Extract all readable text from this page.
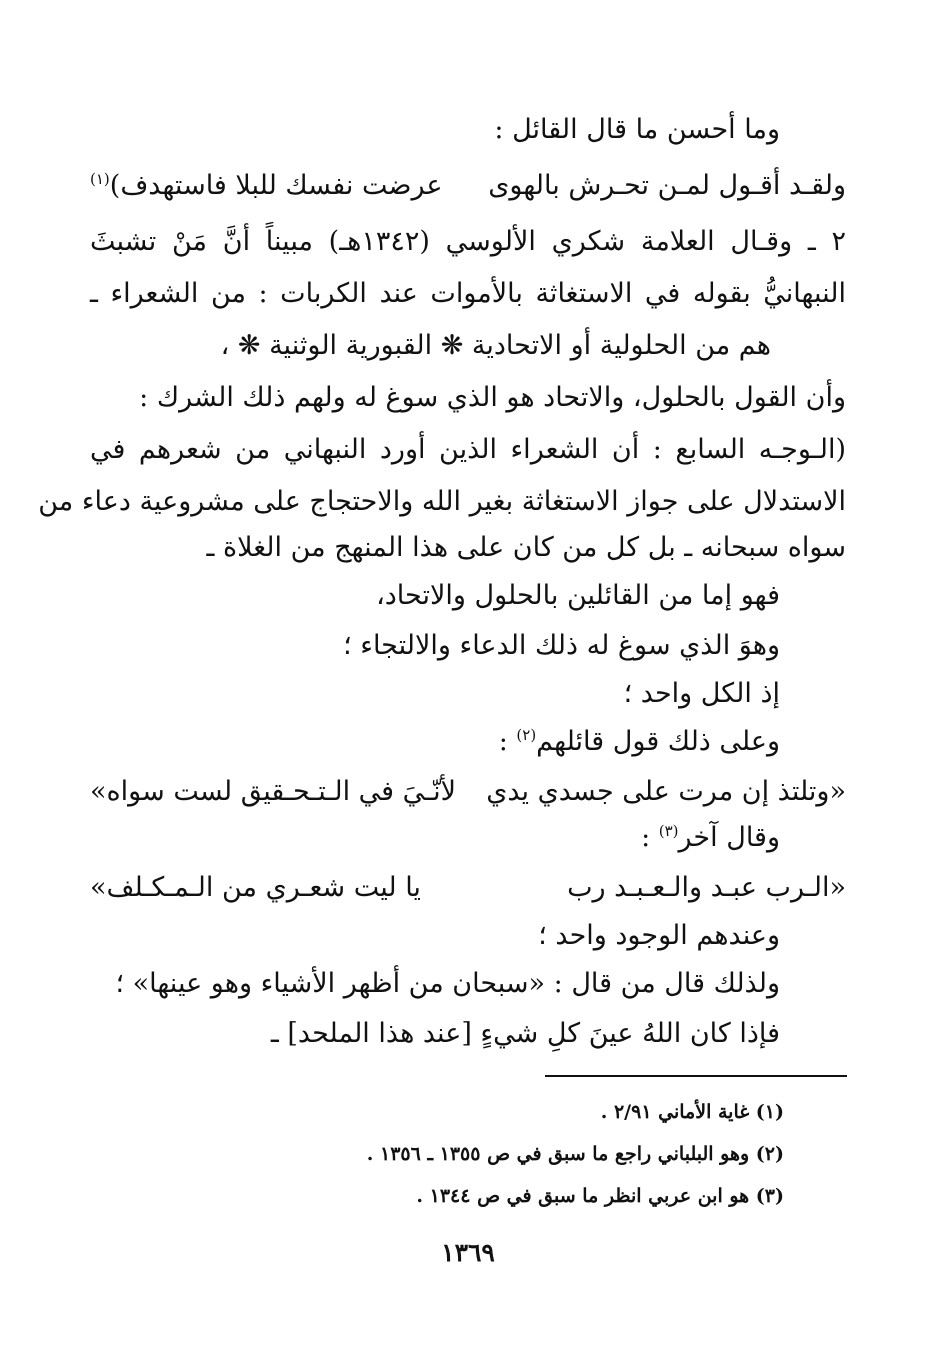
وما أحسن ما قال القائل :

ولقـد أقـول لمـن تحـرش بالهوى
عرضت نفسك للبلا فاستهدف)$^{(١)}$

٢ ـ وقـال العلامة شكري الألوسي (١٣٤٢هـ) مبيناً أنَّ مَنْ تشبثَ

النبهانيُّ بقوله في الاستغاثة بالأموات عند الكربات : من الشعراء ـ

هم من الحلولية أو الاتحادية ❋ القبورية الوثنية ❋ ،

وأن القول بالحلول، والاتحاد هو الذي سوغ له ولهم ذلك الشرك :

(الـوجـه السابع : أن الشعراء الذين أورد النبهاني من شعرهم في

الاستدلال على جواز الاستغاثة بغير الله والاحتجاج على مشروعية دعاء من

سواه سبحانه ـ بل كل من كان على هذا المنهج من الغلاة ـ

فهو إما من القائلين بالحلول والاتحاد،

وهوَ الذي سوغ له ذلك الدعاء والالتجاء ؛

إذ الكل واحد ؛

وعلى ذلك قول قائلهم$^{(٢)}$ :

«وتلتذ إن مرت على جسدي يدي
لأنّـيَ في الـتـحـقيق لست سواه»

وقال آخر$^{(٣)}$ :

«الـرب عبـد والـعـبـد رب
يا ليت شعـري من الـمـكـلف»

وعندهم الوجود واحد ؛

ولذلك قال من قال : «سبحان من أظهر الأشياء وهو عينها» ؛

فإذا كان اللهُ عينَ كلِ شيءٍ [عند هذا الملحد] ـ

(١) غاية الأماني ٢/٩١ .
(٢) وهو البلباني راجع ما سبق في ص ١٣٥٥ ـ ١٣٥٦ .
(٣) هو ابن عربي انظر ما سبق في ص ١٣٤٤ .
١٣٦٩
